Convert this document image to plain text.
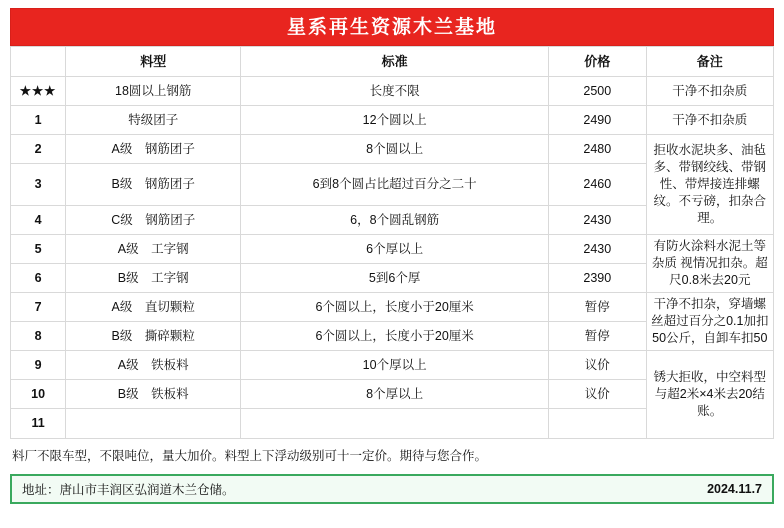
星系再生资源木兰基地
	料型	标准	价格	备注
★★★	18圆以上钢筋	长度不限	2500	干净不扣杂质
1	特级团子	12个圆以上	2490	干净不扣杂质
2	A级　钢筋团子	8个圆以上	2480	拒收水泥块多、油毡多、带钢绞线、带钢性、带焊接连排螺纹。不亏磅，扣杂合理。
3	B级　钢筋团子	6到8个圆占比超过百分之二十	2460	
4	C级　钢筋团子	6，8个圆乱钢筋	2430	
5	A级　工字钢	6个厚以上	2430	有防火涂料水泥土等杂质 视情况扣杂。超尺0.8米去20元
6	B级　工字钢	5到6个厚	2390	
7	A级　直切颗粒	6个圆以上，长度小于20厘米	暂停	干净不扣杂，穿墙螺丝超过百分之0.1加扣50公斤，自卸车扣50
8	B级　撕碎颗粒	6个圆以上，长度小于20厘米	暂停	
9	A级　铁板料	10个厚以上	议价	锈大拒收，中空料型与超2米×4米去20结账。
10	B级　铁板料	8个厚以上	议价	
11				
料厂不限车型，不限吨位，量大加价。料型上下浮动级别可十一定价。期待与您合作。
地址：唐山市丰润区弘润道木兰仓储。	2024.11.7
